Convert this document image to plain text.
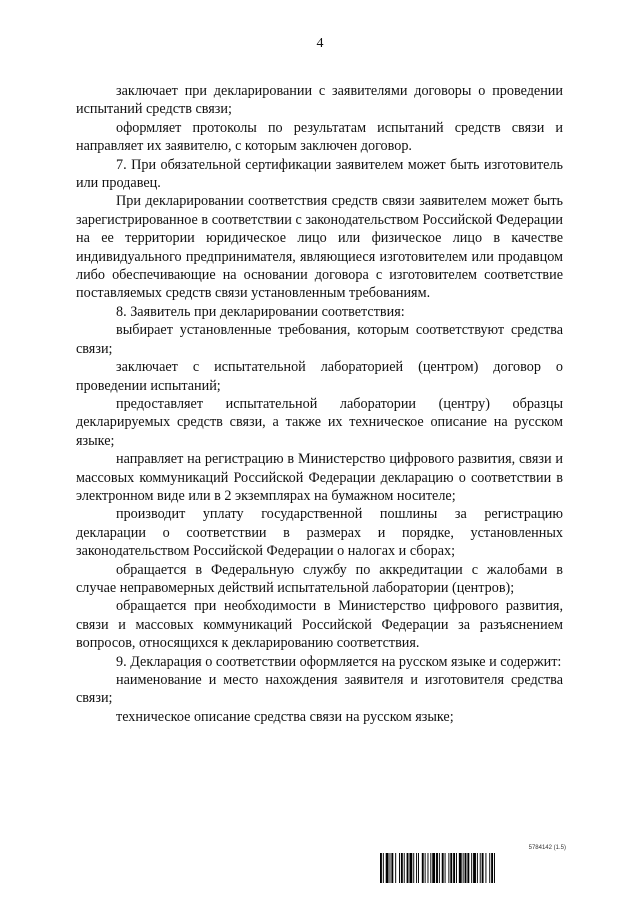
4

заключает при декларировании с заявителями договоры о проведении испытаний средств связи;

оформляет протоколы по результатам испытаний средств связи и направляет их заявителю, с которым заключен договор.

7. При обязательной сертификации заявителем может быть изготовитель или продавец.

При декларировании соответствия средств связи заявителем может быть зарегистрированное в соответствии с законодательством Российской Федерации на ее территории юридическое лицо или физическое лицо в качестве индивидуального предпринимателя, являющиеся изготовителем или продавцом либо обеспечивающие на основании договора с изготовителем соответствие поставляемых средств связи установленным требованиям.

8. Заявитель при декларировании соответствия:

выбирает установленные требования, которым соответствуют средства связи;

заключает с испытательной лабораторией (центром) договор о проведении испытаний;

предоставляет испытательной лаборатории (центру) образцы декларируемых средств связи, а также их техническое описание на русском языке;

направляет на регистрацию в Министерство цифрового развития, связи и массовых коммуникаций Российской Федерации декларацию о соответствии в электронном виде или в 2 экземплярах на бумажном носителе;

производит уплату государственной пошлины за регистрацию декларации о соответствии в размерах и порядке, установленных законодательством Российской Федерации о налогах и сборах;

обращается в Федеральную службу по аккредитации с жалобами в случае неправомерных действий испытательной лаборатории (центров);

обращается при необходимости в Министерство цифрового развития, связи и массовых коммуникаций Российской Федерации за разъяснением вопросов, относящихся к декларированию соответствия.

9. Декларация о соответствии оформляется на русском языке и содержит:

наименование и место нахождения заявителя и изготовителя средства связи;

техническое описание средства связи на русском языке;

5784142 (1.5)
